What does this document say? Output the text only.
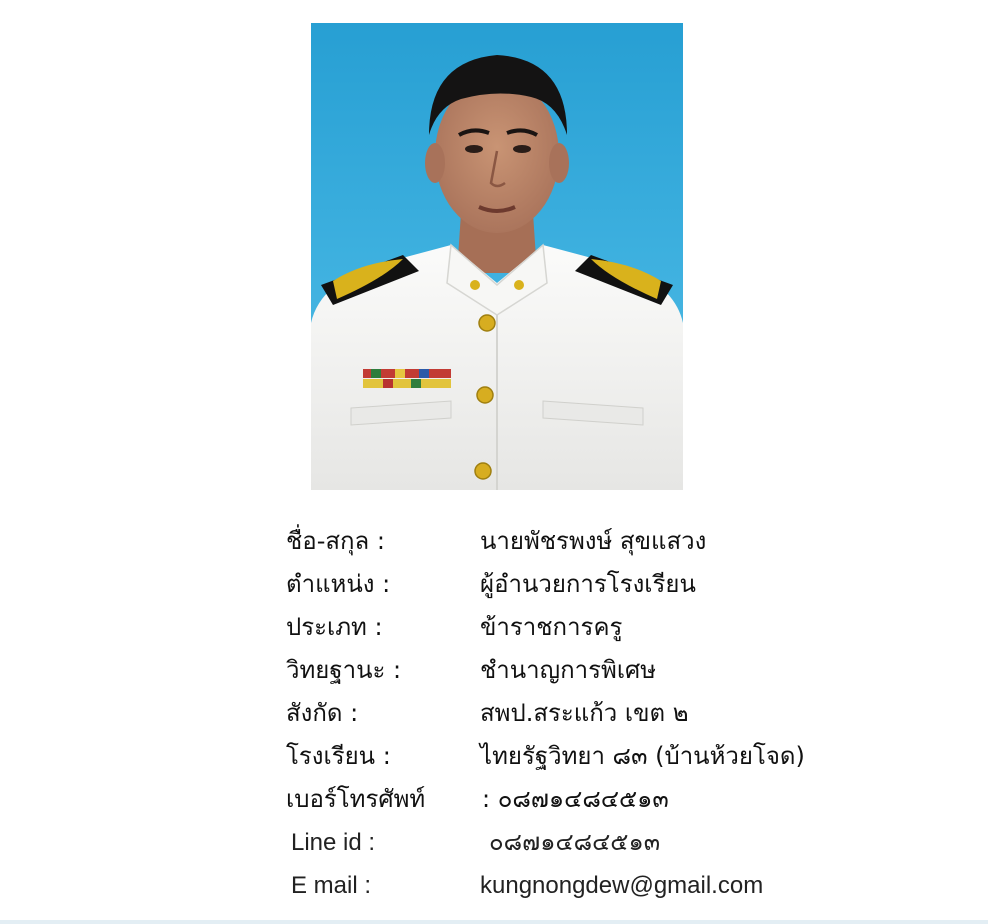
ชื่อ-สกุล :	นายพัชรพงษ์ สุขแสวง
ตำแหน่ง :	ผู้อำนวยการโรงเรียน
ประเภท :	ข้าราชการครู
วิทยฐานะ :	ชำนาญการพิเศษ
สังกัด :	สพป.สระแก้ว เขต ๒
โรงเรียน :	ไทยรัฐวิทยา ๘๓ (บ้านห้วยโจด)
เบอร์โทรศัพท์ : ๐๘๗๑๔๘๔๕๑๓
Line id :	๐๘๗๑๔๘๔๕๑๓
E mail :	kungnongdew@gmail.com
